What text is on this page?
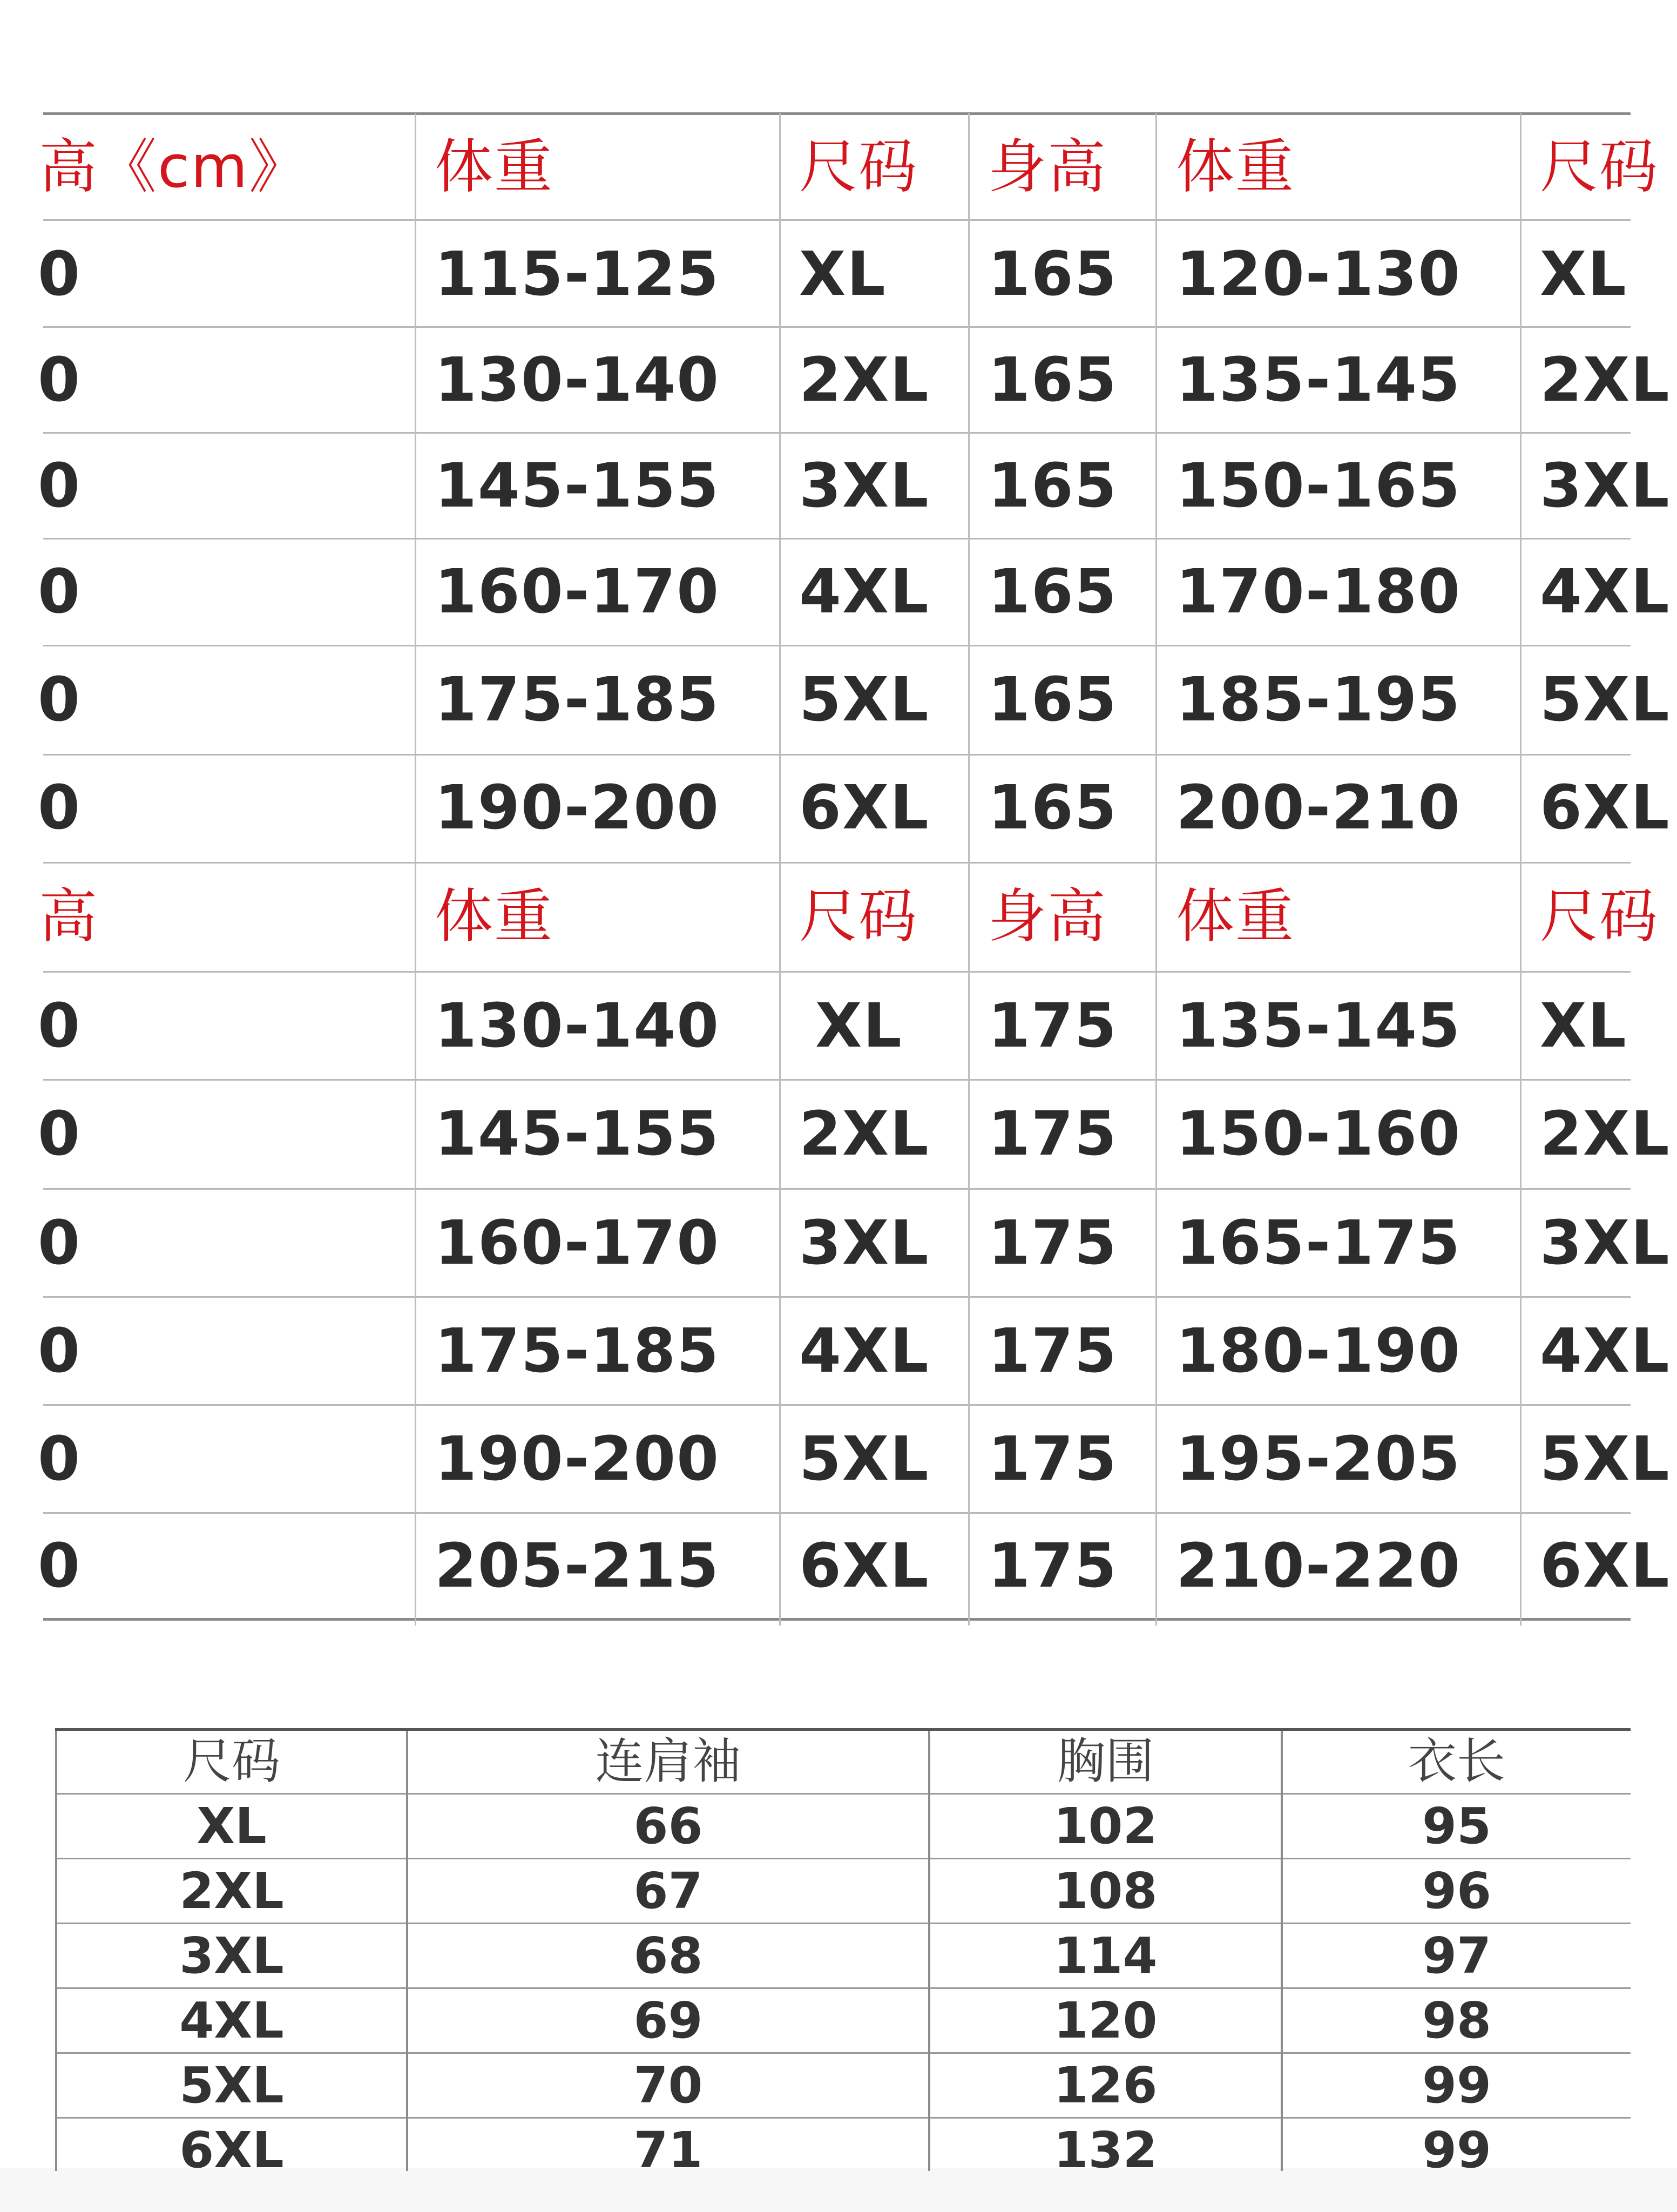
高《cm》 体重	尺码 身高 体重	尺码
0	115-125 XL 165 120-130 XL
0	130-140 2XL 165 135-145 2XL
0	145-155 3XL 165 150-165 3XL
0	160-170 4XL 165 170-180 4XL
0	175-185 5XL 165 185-195 5XL
0	190-200 6XL 165 200-210 6XL
高	体重	尺码 身高 体重	尺码
0	130-140 XL 175 135-145 XL
0	145-155 2XL 175 150-160 2XL
0	160-170 3XL 175 165-175 3XL
0	175-185 4XL 175 180-190 4XL
0	190-200 5XL 175 195-205 5XL
0	205-215 6XL 175 210-220 6XL
尺码	连肩袖	胸围	衣长
XL	66	102	95
2XL	67	108	96
3XL	68	114	97
4XL	69	120	98
5XL	70	126	99
6XL	71	132	99
